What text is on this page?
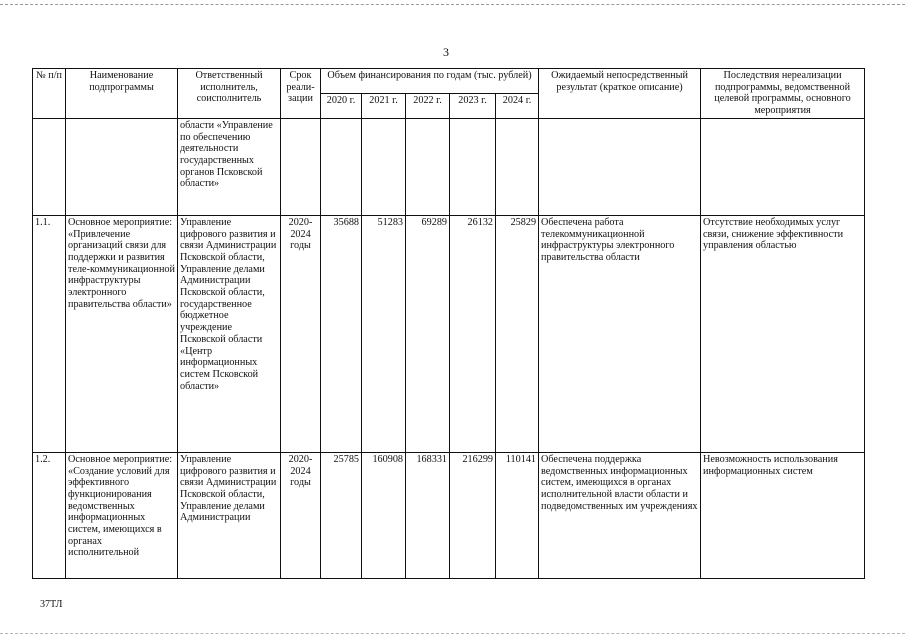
3
№ п/п	Наименование подпрограммы	Ответственный исполнитель, соисполнитель	Срок реали-зации	Объем финансирования по годам (тыс. рублей)					Ожидаемый непосредственный результат (краткое описание)	Последствия нереализации подпрограммы, ведомственной целевой программы, основного мероприятия
				2020 г.	2021 г.	2022 г.	2023 г.	2024 г.		
		области «Управление по обеспечению деятельности государственных органов Псковской области»								
1.1.	Основное мероприятие: «Привлечение организаций связи для поддержки и развития теле-коммуникационной инфраструктуры электронного правительства области»	Управление цифрового развития и связи Администрации Псковской области, Управление делами Администрации Псковской области, государственное бюджетное учреждение Псковской области «Центр информационных систем Псковской области»	2020-2024 годы	35688	51283	69289	26132	25829	Обеспечена работа телекоммуникационной инфраструктуры электронного правительства области	Отсутствие необходимых услуг связи, снижение эффективности управления областью
1.2.	Основное мероприятие: «Создание условий для эффективного функционирования ведомственных информационных систем, имеющихся в органах исполнительной	Управление цифрового развития и связи Администрации Псковской области, Управление делами Администрации	2020-2024 годы	25785	160908	168331	216299	110141	Обеспечена поддержка ведомственных информационных систем, имеющихся в органах исполнительной власти области и подведомственных им учреждениях	Невозможность использования информационных систем
37ТЛ
